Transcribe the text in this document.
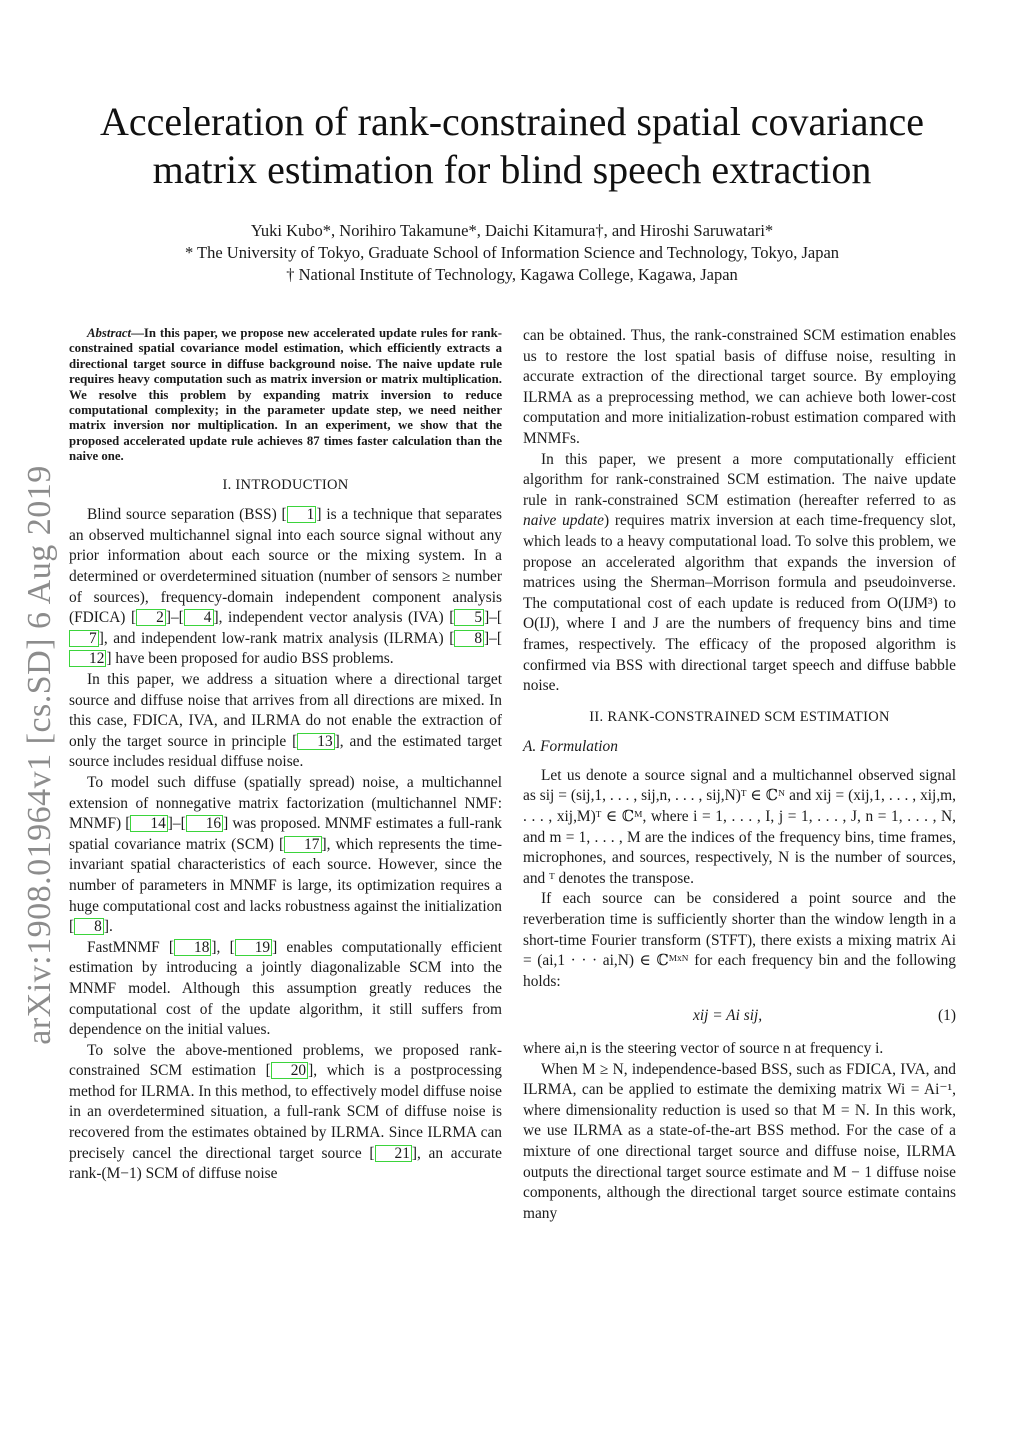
arXiv:1908.01964v1 [cs.SD] 6 Aug 2019
Acceleration of rank-constrained spatial covariance matrix estimation for blind speech extraction
Yuki Kubo*, Norihiro Takamune*, Daichi Kitamura†, and Hiroshi Saruwatari*
* The University of Tokyo, Graduate School of Information Science and Technology, Tokyo, Japan
† National Institute of Technology, Kagawa College, Kagawa, Japan

Abstract—In this paper, we propose new accelerated update rules for rank-constrained spatial covariance model estimation, which efficiently extracts a directional target source in diffuse background noise. The naive update rule requires heavy computation such as matrix inversion or matrix multiplication. We resolve this problem by expanding matrix inversion to reduce computational complexity; in the parameter update step, we need neither matrix inversion nor multiplication. In an experiment, we show that the proposed accelerated update rule achieves 87 times faster calculation than the naive one.

I. INTRODUCTION

Blind source separation (BSS) [ 1 ] is a technique that separates an observed multichannel signal into each source signal without any prior information about each source or the mixing system. In a determined or overdetermined situation (number of sensors ≥ number of sources), frequency-domain independent component analysis (FDICA) [ 2 ]–[ 4 ], independent vector analysis (IVA) [ 5 ]–[7 ], and independent low-rank matrix analysis (ILRMA) [ 8 ]–[12 ] have been proposed for audio BSS problems.

In this paper, we address a situation where a directional target source and diffuse noise that arrives from all directions are mixed. In this case, FDICA, IVA, and ILRMA do not enable the extraction of only the target source in principle [ 13 ], and the estimated target source includes residual diffuse noise.

To model such diffuse (spatially spread) noise, a multichannel extension of nonnegative matrix factorization (multichannel NMF: MNMF) [ 14 ]–[ 16 ] was proposed. MNMF estimates a full-rank spatial covariance matrix (SCM) [ 17 ], which represents the time-invariant spatial characteristics of each source. However, since the number of parameters in MNMF is large, its optimization requires a huge computational cost and lacks robustness against the initialization [ 8 ].

FastMNMF [ 18 ], [ 19 ] enables computationally efficient estimation by introducing a jointly diagonalizable SCM into the MNMF model. Although this assumption greatly reduces the computational cost of the update algorithm, it still suffers from dependence on the initial values.

To solve the above-mentioned problems, we proposed rank-constrained SCM estimation [ 20 ], which is a postprocessing method for ILRMA. In this method, to effectively model diffuse noise in an overdetermined situation, a full-rank SCM of diffuse noise is recovered from the estimates obtained by ILRMA. Since ILRMA can precisely cancel the directional target source [ 21 ], an accurate rank-(M−1) SCM of diffuse noise

can be obtained. Thus, the rank-constrained SCM estimation enables us to restore the lost spatial basis of diffuse noise, resulting in accurate extraction of the directional target source. By employing ILRMA as a preprocessing method, we can achieve both lower-cost computation and more initialization-robust estimation compared with MNMFs.

In this paper, we present a more computationally efficient algorithm for rank-constrained SCM estimation. The naive update rule in rank-constrained SCM estimation (hereafter referred to as naive update) requires matrix inversion at each time-frequency slot, which leads to a heavy computational load. To solve this problem, we propose an accelerated algorithm that expands the inversion of matrices using the Sherman–Morrison formula and pseudoinverse. The computational cost of each update is reduced from O(IJM³) to O(IJ), where I and J are the numbers of frequency bins and time frames, respectively. The efficacy of the proposed algorithm is confirmed via BSS with directional target speech and diffuse babble noise.

II. RANK-CONSTRAINED SCM ESTIMATION
A. Formulation

Let us denote a source signal and a multichannel observed signal as sij = (sij,1, . . . , sij,n, . . . , sij,N)ᵀ ∈ ℂᴺ and xij = (xij,1, . . . , xij,m, . . . , xij,M)ᵀ ∈ ℂᴹ, where i = 1, . . . , I, j = 1, . . . , J, n = 1, . . . , N, and m = 1, . . . , M are the indices of the frequency bins, time frames, microphones, and sources, respectively, N is the number of sources, and ᵀ denotes the transpose.

If each source can be considered a point source and the reverberation time is sufficiently shorter than the window length in a short-time Fourier transform (STFT), there exists a mixing matrix Ai = (ai,1 · · · ai,N) ∈ ℂᴹˣᴺ for each frequency bin and the following holds:

xij = Ai sij,	(1)

where ai,n is the steering vector of source n at frequency i.

When M ≥ N, independence-based BSS, such as FDICA, IVA, and ILRMA, can be applied to estimate the demixing matrix Wi = Ai⁻¹, where dimensionality reduction is used so that M = N. In this work, we use ILRMA as a state-of-the-art BSS method. For the case of a mixture of one directional target source and diffuse noise, ILRMA outputs the directional target source estimate and M − 1 diffuse noise components, although the directional target source estimate contains many
